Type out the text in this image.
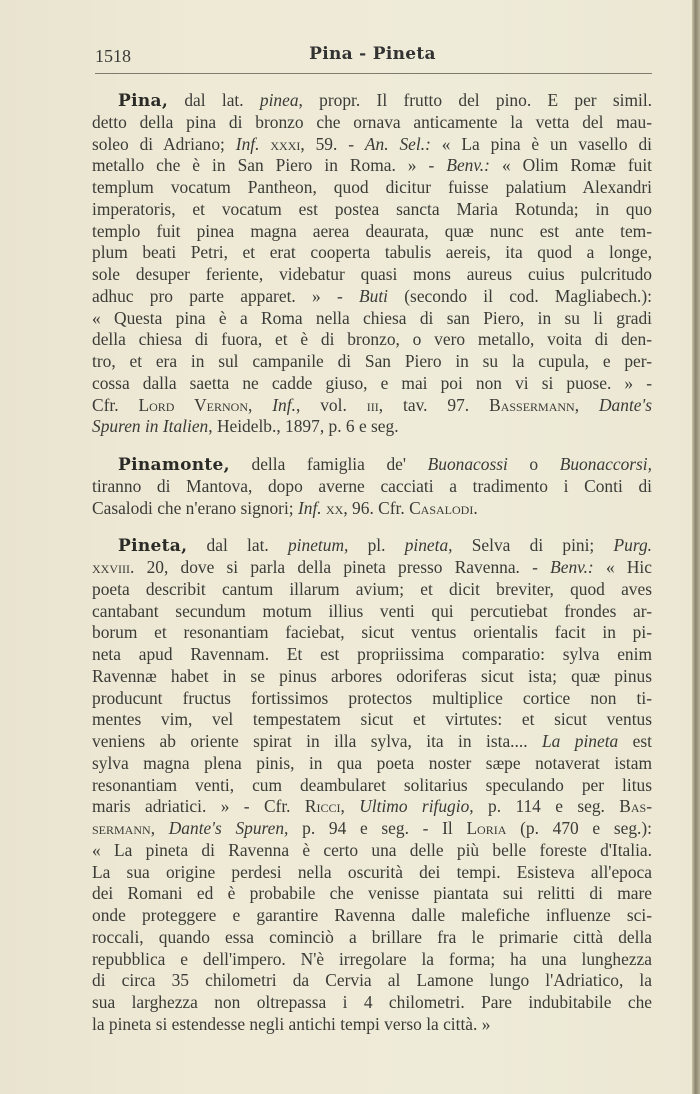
1518	Pina - Pineta
Pina, dal lat. pinea, propr. Il frutto del pino. E per simil.
detto della pina di bronzo che ornava anticamente la vetta del mau-
soleo di Adriano; Inf. xxxi, 59. - An. Sel.: « La pina è un vasello di
metallo che è in San Piero in Roma. » - Benv.: « Olim Romæ fuit
templum vocatum Pantheon, quod dicitur fuisse palatium Alexandri
imperatoris, et vocatum est postea sancta Maria Rotunda; in quo
templo fuit pinea magna aerea deaurata, quæ nunc est ante tem-
plum beati Petri, et erat cooperta tabulis aereis, ita quod a longe,
sole desuper feriente, videbatur quasi mons aureus cuius pulcritudo
adhuc pro parte apparet. » - Buti (secondo il cod. Magliabech.):
« Questa pina è a Roma nella chiesa di san Piero, in su li gradi
della chiesa di fuora, et è di bronzo, o vero metallo, voita di den-
tro, et era in sul campanile di San Piero in su la cupula, e per-
cossa dalla saetta ne cadde giuso, e mai poi non vi si puose. » -
Cfr. Lord Vernon, Inf., vol. iii, tav. 97. Bassermann, Dante's
Spuren in Italien, Heidelb., 1897, p. 6 e seg.
Pinamonte, della famiglia de' Buonacossi o Buonaccorsi,
tiranno di Mantova, dopo averne cacciati a tradimento i Conti di
Casalodi che n'erano signori; Inf. xx, 96. Cfr. Casalodi.
Pineta, dal lat. pinetum, pl. pineta, Selva di pini; Purg.
xxviii. 20, dove si parla della pineta presso Ravenna. - Benv.: « Hic
poeta describit cantum illarum avium; et dicit breviter, quod aves
cantabant secundum motum illius venti qui percutiebat frondes ar-
borum et resonantiam faciebat, sicut ventus orientalis facit in pi-
neta apud Ravennam. Et est propriissima comparatio: sylva enim
Ravennæ habet in se pinus arbores odoriferas sicut ista; quæ pinus
producunt fructus fortissimos protectos multiplice cortice non ti-
mentes vim, vel tempestatem sicut et virtutes: et sicut ventus
veniens ab oriente spirat in illa sylva, ita in ista.... La pineta est
sylva magna plena pinis, in qua poeta noster sæpe notaverat istam
resonantiam venti, cum deambularet solitarius speculando per litus
maris adriatici. » - Cfr. Ricci, Ultimo rifugio, p. 114 e seg. Bas-
sermann, Dante's Spuren, p. 94 e seg. - Il Loria (p. 470 e seg.):
« La pineta di Ravenna è certo una delle più belle foreste d'Italia.
La sua origine perdesi nella oscurità dei tempi. Esisteva all'epoca
dei Romani ed è probabile che venisse piantata sui relitti di mare
onde proteggere e garantire Ravenna dalle malefiche influenze sci-
roccali, quando essa cominciò a brillare fra le primarie città della
repubblica e dell'impero. N'è irregolare la forma; ha una lunghezza
di circa 35 chilometri da Cervia al Lamone lungo l'Adriatico, la
sua larghezza non oltrepassa i 4 chilometri. Pare indubitabile che
la pineta si estendesse negli antichi tempi verso la città. »
